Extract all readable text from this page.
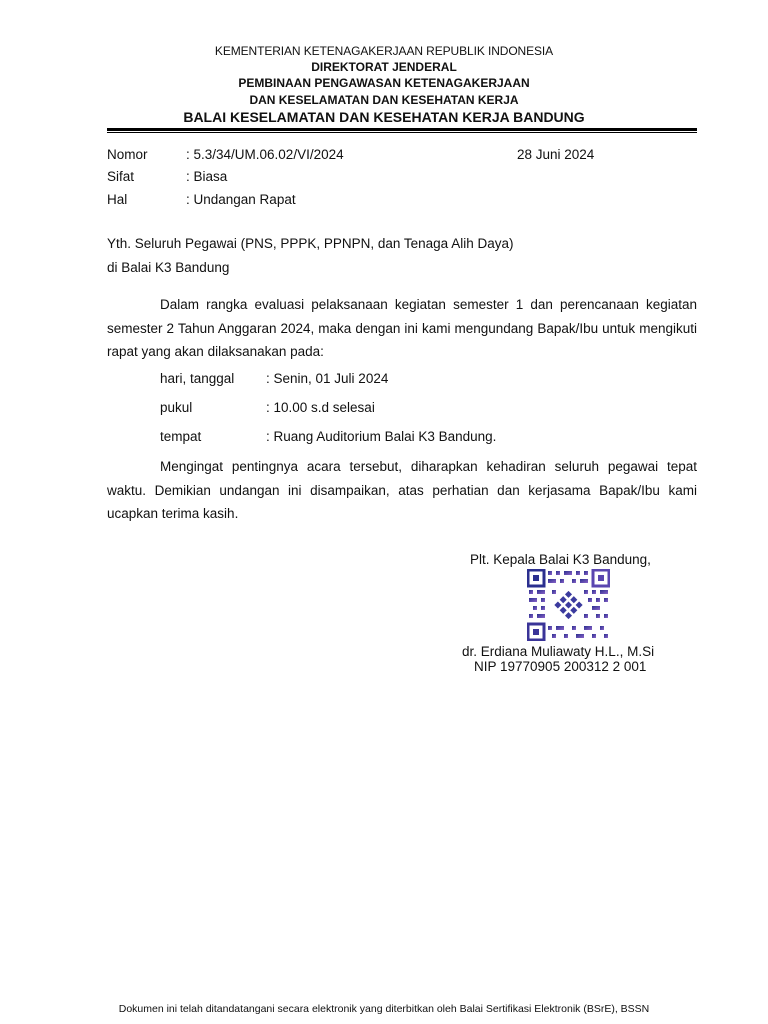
KEMENTERIAN KETENAGAKERJAAN REPUBLIK INDONESIA
DIREKTORAT JENDERAL
PEMBINAAN PENGAWASAN KETENAGAKERJAAN
DAN KESELAMATAN DAN KESEHATAN KERJA
BALAI KESELAMATAN DAN KESEHATAN KERJA BANDUNG
Nomor	: 5.3/34/UM.06.02/VI/2024	28 Juni 2024
Sifat	: Biasa
Hal	: Undangan Rapat
Yth. Seluruh Pegawai (PNS, PPPK, PPNPN, dan Tenaga Alih Daya)
di Balai K3 Bandung
Dalam rangka evaluasi pelaksanaan kegiatan semester 1 dan perencanaan kegiatan semester 2 Tahun Anggaran 2024, maka dengan ini kami mengundang Bapak/Ibu untuk mengikuti rapat yang akan dilaksanakan pada:
hari, tanggal : Senin, 01 Juli 2024
pukul	: 10.00 s.d selesai
tempat	: Ruang Auditorium Balai K3 Bandung.
Mengingat pentingnya acara tersebut, diharapkan kehadiran seluruh pegawai tepat waktu. Demikian undangan ini disampaikan, atas perhatian dan kerjasama Bapak/Ibu kami ucapkan terima kasih.
Plt. Kepala Balai K3 Bandung,
dr. Erdiana Muliawaty H.L., M.Si
NIP 19770905 200312 2 001
Dokumen ini telah ditandatangani secara elektronik yang diterbitkan oleh Balai Sertifikasi Elektronik (BSrE), BSSN
